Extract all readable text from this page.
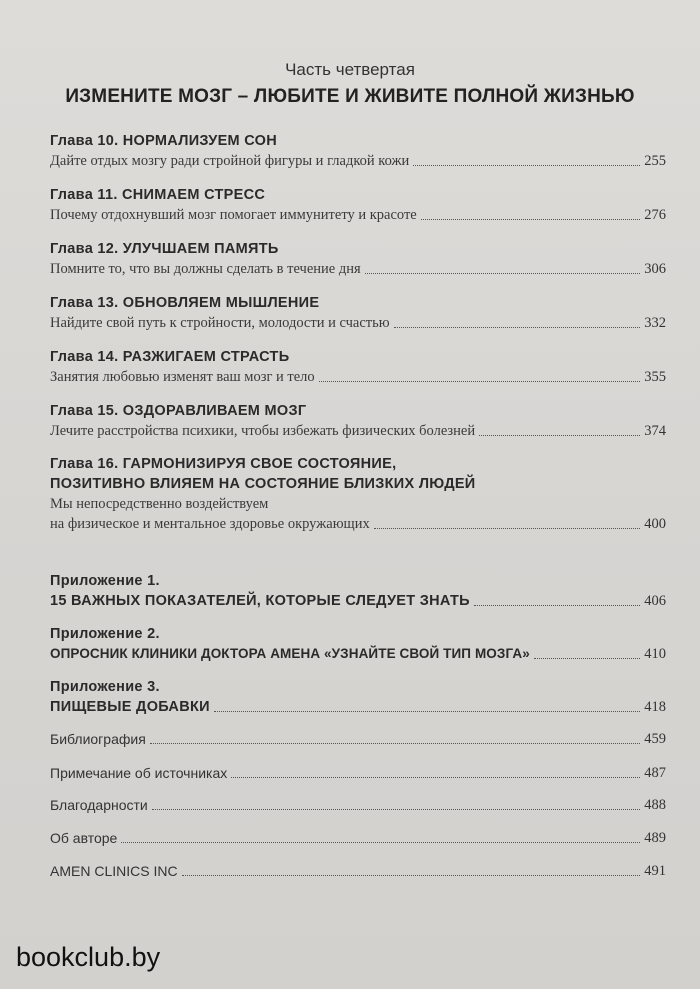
Часть четвертая
ИЗМЕНИТЕ МОЗГ – ЛЮБИТЕ И ЖИВИТЕ ПОЛНОЙ ЖИЗНЬЮ
Глава 10. НОРМАЛИЗУЕМ СОН
Дайте отдых мозгу ради стройной фигуры и гладкой кожи	255
Глава 11. СНИМАЕМ СТРЕСС
Почему отдохнувший мозг помогает иммунитету и красоте	276
Глава 12. УЛУЧШАЕМ ПАМЯТЬ
Помните то, что вы должны сделать в течение дня	306
Глава 13. ОБНОВЛЯЕМ МЫШЛЕНИЕ
Найдите свой путь к стройности, молодости и счастью	332
Глава 14. РАЗЖИГАЕМ СТРАСТЬ
Занятия любовью изменят ваш мозг и тело	355
Глава 15. ОЗДОРАВЛИВАЕМ МОЗГ
Лечите расстройства психики, чтобы избежать физических болезней	374
Глава 16. ГАРМОНИЗИРУЯ СВОЕ СОСТОЯНИЕ,
ПОЗИТИВНО ВЛИЯЕМ НА СОСТОЯНИЕ БЛИЗКИХ ЛЮДЕЙ
Мы непосредственно воздействуем
на физическое и ментальное здоровье окружающих	400
Приложение 1.
15 ВАЖНЫХ ПОКАЗАТЕЛЕЙ, КОТОРЫЕ СЛЕДУЕТ ЗНАТЬ	406
Приложение 2.
ОПРОСНИК КЛИНИКИ ДОКТОРА АМЕНА «УЗНАЙТЕ СВОЙ ТИП МОЗГА»	410
Приложение 3.
ПИЩЕВЫЕ ДОБАВКИ	418
Библиография	459
Примечание об источниках	487
Благодарности	488
Об авторе	489
AMEN CLINICS INC	491
bookclub.by
